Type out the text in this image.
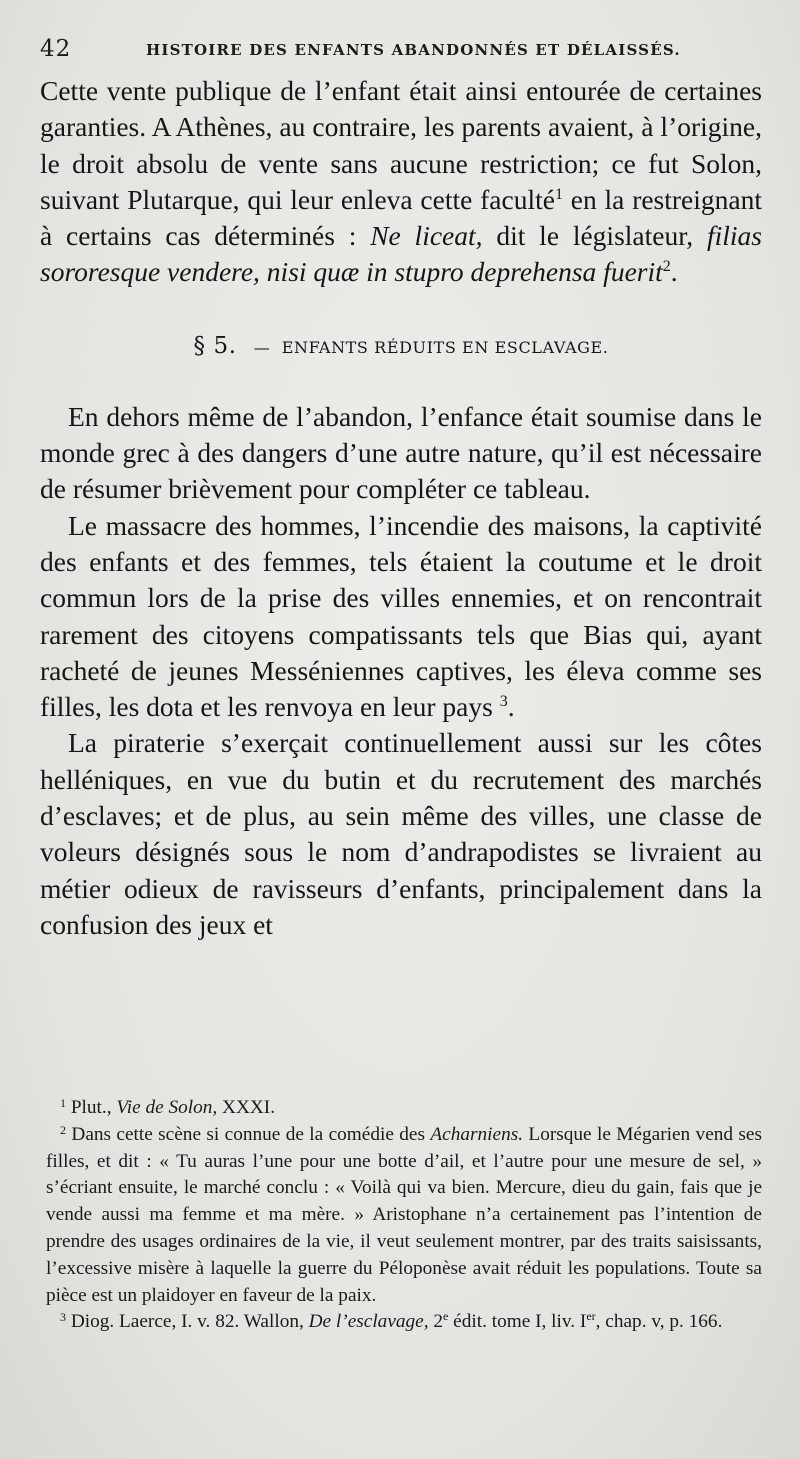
42	HISTOIRE DES ENFANTS ABANDONNÉS ET DÉLAISSÉS.

Cette vente publique de l’enfant était ainsi entourée de certaines garanties. A Athènes, au contraire, les parents avaient, à l’origine, le droit absolu de vente sans aucune restriction; ce fut Solon, suivant Plutarque, qui leur enleva cette faculté$^1$ en la restreignant à certains cas déterminés : Ne liceat, dit le législateur, filias sororesque vendere, nisi quæ in stupro deprehensa fuerit$^2$.

§ 5. — ENFANTS RÉDUITS EN ESCLAVAGE.

En dehors même de l’abandon, l’enfance était soumise dans le monde grec à des dangers d’une autre nature, qu’il est nécessaire de résumer brièvement pour compléter ce tableau.

Le massacre des hommes, l’incendie des maisons, la captivité des enfants et des femmes, tels étaient la coutume et le droit commun lors de la prise des villes ennemies, et on rencontrait rarement des citoyens compatissants tels que Bias qui, ayant racheté de jeunes Messéniennes captives, les éleva comme ses filles, les dota et les renvoya en leur pays $^3$.

La piraterie s’exerçait continuellement aussi sur les côtes helléniques, en vue du butin et du recrutement des marchés d’esclaves; et de plus, au sein même des villes, une classe de voleurs désignés sous le nom d’andrapodistes se livraient au métier odieux de ravisseurs d’enfants, principalement dans la confusion des jeux et

$^1$ Plut., Vie de Solon, XXXI.

$^2$ Dans cette scène si connue de la comédie des Acharniens. Lorsque le Mégarien vend ses filles, et dit : « Tu auras l’une pour une botte d’ail, et l’autre pour une mesure de sel, » s’écriant ensuite, le marché conclu : « Voilà qui va bien. Mercure, dieu du gain, fais que je vende aussi ma femme et ma mère. » Aristophane n’a certainement pas l’intention de prendre des usages ordinaires de la vie, il veut seulement montrer, par des traits saisissants, l’excessive misère à laquelle la guerre du Péloponèse avait réduit les populations. Toute sa pièce est un plaidoyer en faveur de la paix.

$^3$ Diog. Laerce, I. v. 82. Wallon, De l’esclavage, 2e édit. tome I, liv. Ier, chap. v, p. 166.
